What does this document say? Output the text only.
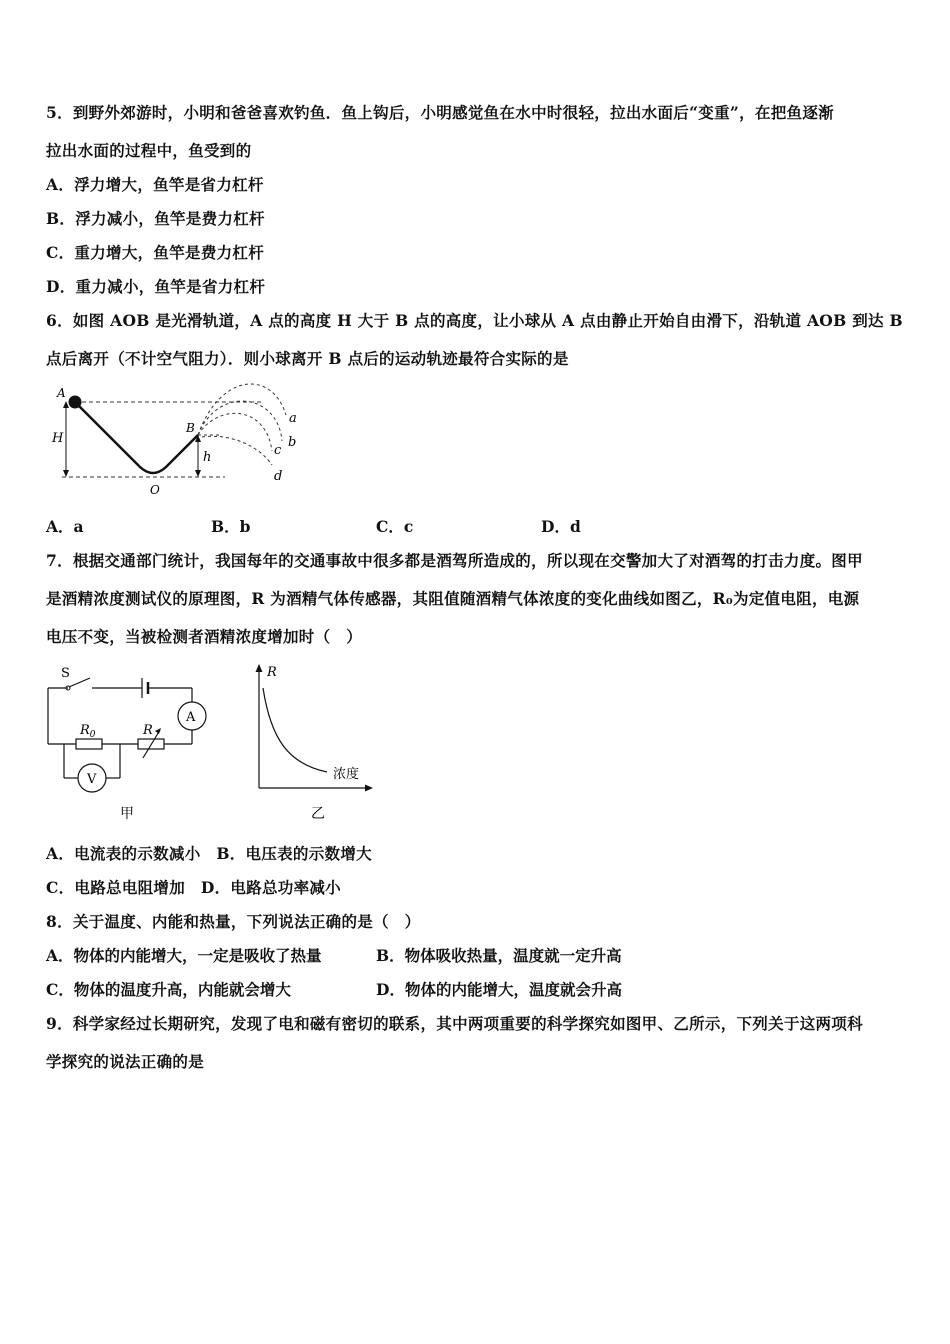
5．到野外郊游时，小明和爸爸喜欢钓鱼．鱼上钩后，小明感觉鱼在水中时很轻，拉出水面后“变重”，在把鱼逐渐
拉出水面的过程中，鱼受到的
A．浮力增大，鱼竿是省力杠杆
B．浮力减小，鱼竿是费力杠杆
C．重力增大，鱼竿是费力杠杆
D．重力减小，鱼竿是省力杠杆
6．如图 AOB 是光滑轨道，A 点的高度 H 大于 B 点的高度，让小球从 A 点由静止开始自由滑下，沿轨道 AOB 到达 B
点后离开（不计空气阻力）．则小球离开 B 点后的运动轨迹最符合实际的是
A
H
B
h
O
a
b
c
d
A．a	B．b	C．c	D．d
7．根据交通部门统计，我国每年的交通事故中很多都是酒驾所造成的，所以现在交警加大了对酒驾的打击力度。图甲
是酒精浓度测试仪的原理图，R 为酒精气体传感器，其阻值随酒精气体浓度的变化曲线如图乙，R₀为定值电阻，电源
电压不变，当被检测者酒精浓度增加时（　）
S
A
V
$R_0$	R
甲
R
浓度
乙
A．电流表的示数减小　B．电压表的示数增大
C．电路总电阻增加　D．电路总功率减小
8．关于温度、内能和热量，下列说法正确的是（　）
A．物体的内能增大，一定是吸收了热量	B．物体吸收热量，温度就一定升高
C．物体的温度升高，内能就会增大	D．物体的内能增大，温度就会升高
9．科学家经过长期研究，发现了电和磁有密切的联系，其中两项重要的科学探究如图甲、乙所示，下列关于这两项科
学探究的说法正确的是
